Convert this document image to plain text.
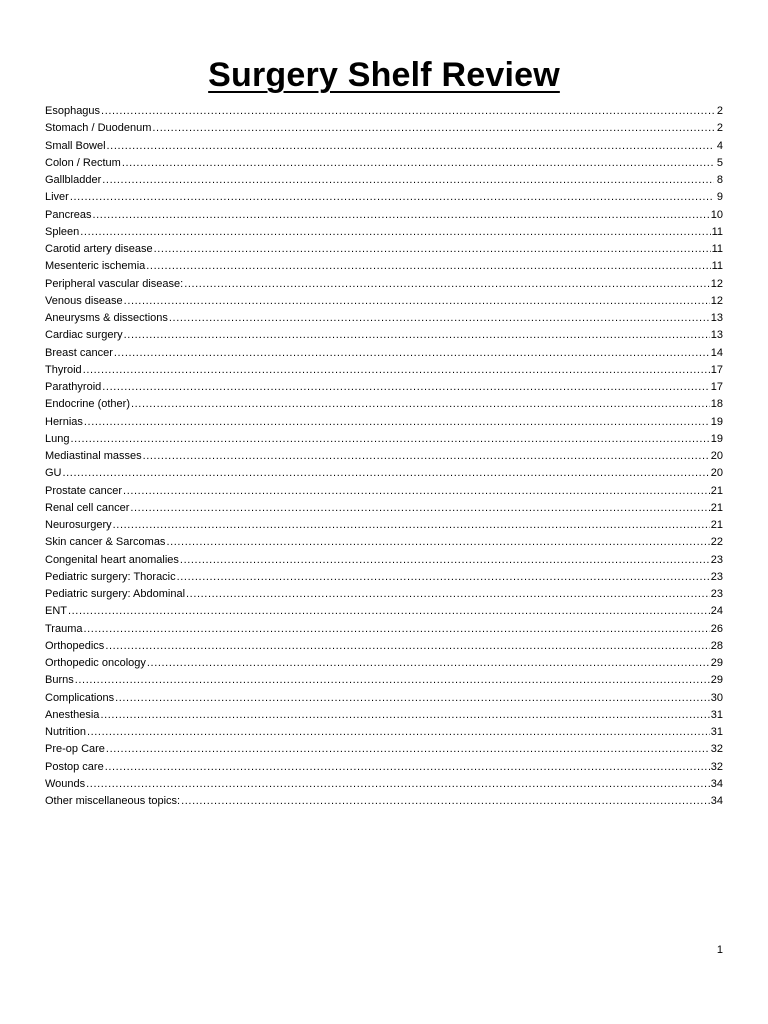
Surgery Shelf Review
Esophagus .....	2
Stomach / Duodenum .....	2
Small Bowel .....	4
Colon / Rectum .....	5
Gallbladder .....	8
Liver .....	9
Pancreas .....	10
Spleen .....	11
Carotid artery disease .....	11
Mesenteric ischemia .....	11
Peripheral vascular disease: .....	12
Venous disease .....	12
Aneurysms & dissections .....	13
Cardiac surgery .....	13
Breast cancer .....	14
Thyroid .....	17
Parathyroid .....	17
Endocrine (other) .....	18
Hernias .....	19
Lung .....	19
Mediastinal masses .....	20
GU .....	20
Prostate cancer .....	21
Renal cell cancer .....	21
Neurosurgery .....	21
Skin cancer & Sarcomas .....	22
Congenital heart anomalies .....	23
Pediatric surgery: Thoracic .....	23
Pediatric surgery: Abdominal .....	23
ENT .....	24
Trauma .....	26
Orthopedics .....	28
Orthopedic oncology .....	29
Burns .....	29
Complications .....	30
Anesthesia .....	31
Nutrition .....	31
Pre-op Care .....	32
Postop care .....	32
Wounds .....	34
Other miscellaneous topics: .....	34
1
